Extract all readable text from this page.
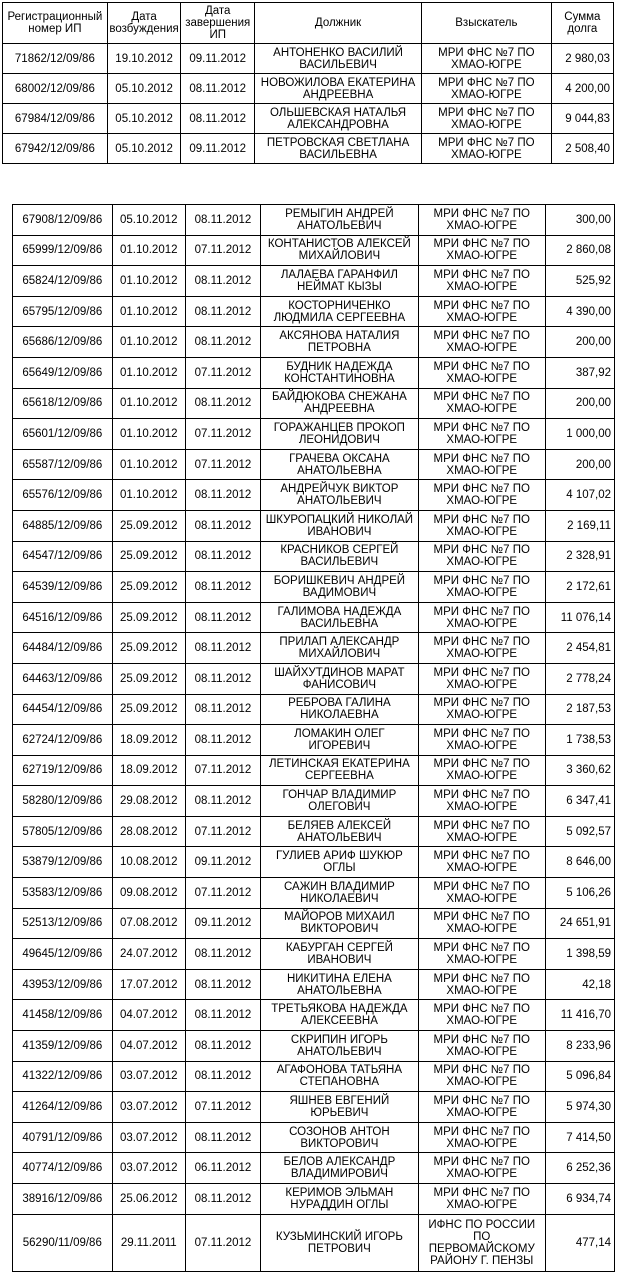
Регистрационный номер ИП	Дата возбуждения	Дата завершения ИП	Должник	Взыскатель	Сумма долга
71862/12/09/86	19.10.2012	09.11.2012	АНТОНЕНКО ВАСИЛИЙ ВАСИЛЬЕВИЧ	МРИ ФНС №7 ПО ХМАО-ЮГРЕ	2 980,03
68002/12/09/86	05.10.2012	08.11.2012	НОВОЖИЛОВА ЕКАТЕРИНА АНДРЕЕВНА	МРИ ФНС №7 ПО ХМАО-ЮГРЕ	4 200,00
67984/12/09/86	05.10.2012	08.11.2012	ОЛЬШЕВСКАЯ НАТАЛЬЯ АЛЕКСАНДРОВНА	МРИ ФНС №7 ПО ХМАО-ЮГРЕ	9 044,83
67942/12/09/86	05.10.2012	09.11.2012	ПЕТРОВСКАЯ СВЕТЛАНА ВАСИЛЬЕВНА	МРИ ФНС №7 ПО ХМАО-ЮГРЕ	2 508,40
67908/12/09/86	05.10.2012	08.11.2012	РЕМЫГИН АНДРЕЙ АНАТОЛЬЕВИЧ	МРИ ФНС №7 ПО ХМАО-ЮГРЕ	300,00
65999/12/09/86	01.10.2012	07.11.2012	КОНТАНИСТОВ АЛЕКСЕЙ МИХАЙЛОВИЧ	МРИ ФНС №7 ПО ХМАО-ЮГРЕ	2 860,08
65824/12/09/86	01.10.2012	08.11.2012	ЛАЛАЕВА ГАРАНФИЛ НЕЙМАТ КЫЗЫ	МРИ ФНС №7 ПО ХМАО-ЮГРЕ	525,92
65795/12/09/86	01.10.2012	08.11.2012	КОСТОРНИЧЕНКО ЛЮДМИЛА СЕРГЕЕВНА	МРИ ФНС №7 ПО ХМАО-ЮГРЕ	4 390,00
65686/12/09/86	01.10.2012	08.11.2012	АКСЯНОВА НАТАЛИЯ ПЕТРОВНА	МРИ ФНС №7 ПО ХМАО-ЮГРЕ	200,00
65649/12/09/86	01.10.2012	07.11.2012	БУДНИК НАДЕЖДА КОНСТАНТИНОВНА	МРИ ФНС №7 ПО ХМАО-ЮГРЕ	387,92
65618/12/09/86	01.10.2012	08.11.2012	БАЙДЮКОВА СНЕЖАНА АНДРЕЕВНА	МРИ ФНС №7 ПО ХМАО-ЮГРЕ	200,00
65601/12/09/86	01.10.2012	07.11.2012	ГОРАЖАНЦЕВ ПРОКОП ЛЕОНИДОВИЧ	МРИ ФНС №7 ПО ХМАО-ЮГРЕ	1 000,00
65587/12/09/86	01.10.2012	07.11.2012	ГРАЧЕВА ОКСАНА АНАТОЛЬЕВНА	МРИ ФНС №7 ПО ХМАО-ЮГРЕ	200,00
65576/12/09/86	01.10.2012	08.11.2012	АНДРЕЙЧУК ВИКТОР АНАТОЛЬЕВИЧ	МРИ ФНС №7 ПО ХМАО-ЮГРЕ	4 107,02
64885/12/09/86	25.09.2012	08.11.2012	ШКУРОПАЦКИЙ НИКОЛАЙ ИВАНОВИЧ	МРИ ФНС №7 ПО ХМАО-ЮГРЕ	2 169,11
64547/12/09/86	25.09.2012	08.11.2012	КРАСНИКОВ СЕРГЕЙ ВАСИЛЬЕВИЧ	МРИ ФНС №7 ПО ХМАО-ЮГРЕ	2 328,91
64539/12/09/86	25.09.2012	08.11.2012	БОРИШКЕВИЧ АНДРЕЙ ВАДИМОВИЧ	МРИ ФНС №7 ПО ХМАО-ЮГРЕ	2 172,61
64516/12/09/86	25.09.2012	08.11.2012	ГАЛИМОВА НАДЕЖДА ВАСИЛЬЕВНА	МРИ ФНС №7 ПО ХМАО-ЮГРЕ	11 076,14
64484/12/09/86	25.09.2012	08.11.2012	ПРИЛАП АЛЕКСАНДР МИХАЙЛОВИЧ	МРИ ФНС №7 ПО ХМАО-ЮГРЕ	2 454,81
64463/12/09/86	25.09.2012	08.11.2012	ШАЙХУТДИНОВ МАРАТ ФАНИСОВИЧ	МРИ ФНС №7 ПО ХМАО-ЮГРЕ	2 778,24
64454/12/09/86	25.09.2012	08.11.2012	РЕБРОВА ГАЛИНА НИКОЛАЕВНА	МРИ ФНС №7 ПО ХМАО-ЮГРЕ	2 187,53
62724/12/09/86	18.09.2012	08.11.2012	ЛОМАКИН ОЛЕГ ИГОРЕВИЧ	МРИ ФНС №7 ПО ХМАО-ЮГРЕ	1 738,53
62719/12/09/86	18.09.2012	07.11.2012	ЛЕТИНСКАЯ ЕКАТЕРИНА СЕРГЕЕВНА	МРИ ФНС №7 ПО ХМАО-ЮГРЕ	3 360,62
58280/12/09/86	29.08.2012	08.11.2012	ГОНЧАР ВЛАДИМИР ОЛЕГОВИЧ	МРИ ФНС №7 ПО ХМАО-ЮГРЕ	6 347,41
57805/12/09/86	28.08.2012	07.11.2012	БЕЛЯЕВ АЛЕКСЕЙ АНАТОЛЬЕВИЧ	МРИ ФНС №7 ПО ХМАО-ЮГРЕ	5 092,57
53879/12/09/86	10.08.2012	09.11.2012	ГУЛИЕВ АРИФ ШУКЮР ОГЛЫ	МРИ ФНС №7 ПО ХМАО-ЮГРЕ	8 646,00
53583/12/09/86	09.08.2012	07.11.2012	САЖИН ВЛАДИМИР НИКОЛАЕВИЧ	МРИ ФНС №7 ПО ХМАО-ЮГРЕ	5 106,26
52513/12/09/86	07.08.2012	09.11.2012	МАЙОРОВ МИХАИЛ ВИКТОРОВИЧ	МРИ ФНС №7 ПО ХМАО-ЮГРЕ	24 651,91
49645/12/09/86	24.07.2012	08.11.2012	КАБУРГАН СЕРГЕЙ ИВАНОВИЧ	МРИ ФНС №7 ПО ХМАО-ЮГРЕ	1 398,59
43953/12/09/86	17.07.2012	08.11.2012	НИКИТИНА ЕЛЕНА АНАТОЛЬЕВНА	МРИ ФНС №7 ПО ХМАО-ЮГРЕ	42,18
41458/12/09/86	04.07.2012	08.11.2012	ТРЕТЬЯКОВА НАДЕЖДА АЛЕКСЕЕВНА	МРИ ФНС №7 ПО ХМАО-ЮГРЕ	11 416,70
41359/12/09/86	04.07.2012	08.11.2012	СКРИПИН ИГОРЬ АНАТОЛЬЕВИЧ	МРИ ФНС №7 ПО ХМАО-ЮГРЕ	8 233,96
41322/12/09/86	03.07.2012	08.11.2012	АГАФОНОВА ТАТЬЯНА СТЕПАНОВНА	МРИ ФНС №7 ПО ХМАО-ЮГРЕ	5 096,84
41264/12/09/86	03.07.2012	07.11.2012	ЯШНЕВ ЕВГЕНИЙ ЮРЬЕВИЧ	МРИ ФНС №7 ПО ХМАО-ЮГРЕ	5 974,30
40791/12/09/86	03.07.2012	08.11.2012	СОЗОНОВ АНТОН ВИКТОРОВИЧ	МРИ ФНС №7 ПО ХМАО-ЮГРЕ	7 414,50
40774/12/09/86	03.07.2012	06.11.2012	БЕЛОВ АЛЕКСАНДР ВЛАДИМИРОВИЧ	МРИ ФНС №7 ПО ХМАО-ЮГРЕ	6 252,36
38916/12/09/86	25.06.2012	08.11.2012	КЕРИМОВ ЭЛЬМАН НУРАДДИН ОГЛЫ	МРИ ФНС №7 ПО ХМАО-ЮГРЕ	6 934,74
56290/11/09/86	29.11.2011	07.11.2012	КУЗЬМИНСКИЙ ИГОРЬ ПЕТРОВИЧ	ИФНС ПО РОССИИ ПО ПЕРВОМАЙСКОМУ РАЙОНУ Г. ПЕНЗЫ	477,14
